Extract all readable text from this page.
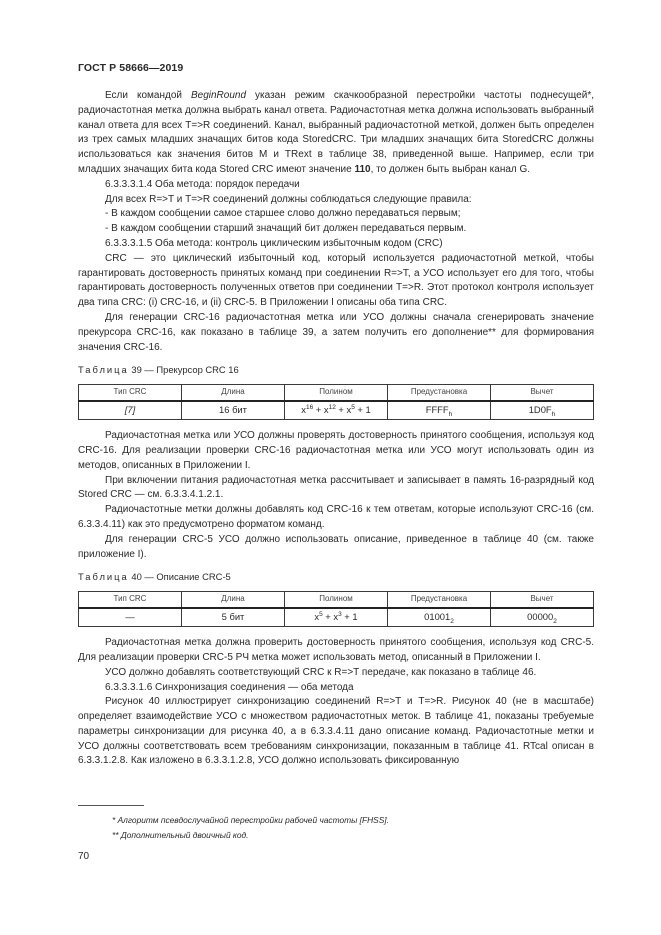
ГОСТ Р 58666—2019

Если командой BeginRound указан режим скачкообразной перестройки частоты поднесущей*, радиочастотная метка должна выбрать канал ответа. Радиочастотная метка должна использовать выбранный канал ответа для всех T=>R соединений. Канал, выбранный радиочастотной меткой, должен быть определен из трех самых младших значащих битов кода StoredCRC. Три младших значащих бита StoredCRC должны использоваться как значения битов M и TRext в таблице 38, приведенной выше. Например, если три младших значащих бита кода Stored CRC имеют значение 110, то должен быть выбран канал G.

6.3.3.3.1.4 Оба метода: порядок передачи

Для всех R=>T и T=>R соединений должны соблюдаться следующие правила:

- В каждом сообщении самое старшее слово должно передаваться первым;

- В каждом сообщении старший значащий бит должен передаваться первым.

6.3.3.3.1.5 Оба метода: контроль циклическим избыточным кодом (CRC)

CRC — это циклический избыточный код, который используется радиочастотной меткой, чтобы гарантировать достоверность принятых команд при соединении R=>T, а УСО использует его для того, чтобы гарантировать достоверность полученных ответов при соединении T=>R. Этот протокол контроля использует два типа CRC: (i) CRC-16, и (ii) CRC-5. В Приложении I описаны оба типа CRC.

Для генерации CRC-16 радиочастотная метка или УСО должны сначала сгенерировать значение прекурсора CRC-16, как показано в таблице 39, а затем получить его дополнение** для формирования значения CRC-16.

Таблица 39 — Прекурсор CRC 16

Тип CRC	Длина	Полином	Предустановка	Вычет
[7]	16 бит	$x^{16} + x^{12} + x^5 + 1$	$FFFF_h$	$1D0F_h$

Радиочастотная метка или УСО должны проверять достоверность принятого сообщения, используя код CRC-16. Для реализации проверки CRC-16 радиочастотная метка или УСО могут использовать один из методов, описанных в Приложении I.

При включении питания радиочастотная метка рассчитывает и записывает в память 16-разрядный код Stored CRC — см. 6.3.3.4.1.2.1.

Радиочастотные метки должны добавлять код CRC-16 к тем ответам, которые используют CRC-16 (см. 6.3.3.4.11) как это предусмотрено форматом команд.

Для генерации CRC-5 УСО должно использовать описание, приведенное в таблице 40 (см. также приложение I).

Таблица 40 — Описание CRC-5

Тип CRC	Длина	Полином	Предустановка	Вычет
—	5 бит	$x^5 + x^3 + 1$	$01001_2$	$00000_2$

Радиочастотная метка должна проверить достоверность принятого сообщения, используя код CRC-5. Для реализации проверки CRC-5 РЧ метка может использовать метод, описанный в Приложении I.

УСО должно добавлять соответствующий CRC к R=>T передаче, как показано в таблице 46.

6.3.3.3.1.6 Синхронизация соединения — оба метода

Рисунок 40 иллюстрирует синхронизацию соединений R=>T и T=>R. Рисунок 40 (не в масштабе) определяет взаимодействие УСО с множеством радиочастотных меток. В таблице 41, показаны требуемые параметры синхронизации для рисунка 40, а в 6.3.3.4.11 дано описание команд. Радиочастотные метки и УСО должны соответствовать всем требованиям синхронизации, показанным в таблице 41. RTcal описан в 6.3.3.1.2.8. Как изложено в 6.3.3.1.2.8, УСО должно использовать фиксированную

* Алгоритм псевдослучайной перестройки рабочей частоты [FHSS].
** Дополнительный двоичный код.
70
